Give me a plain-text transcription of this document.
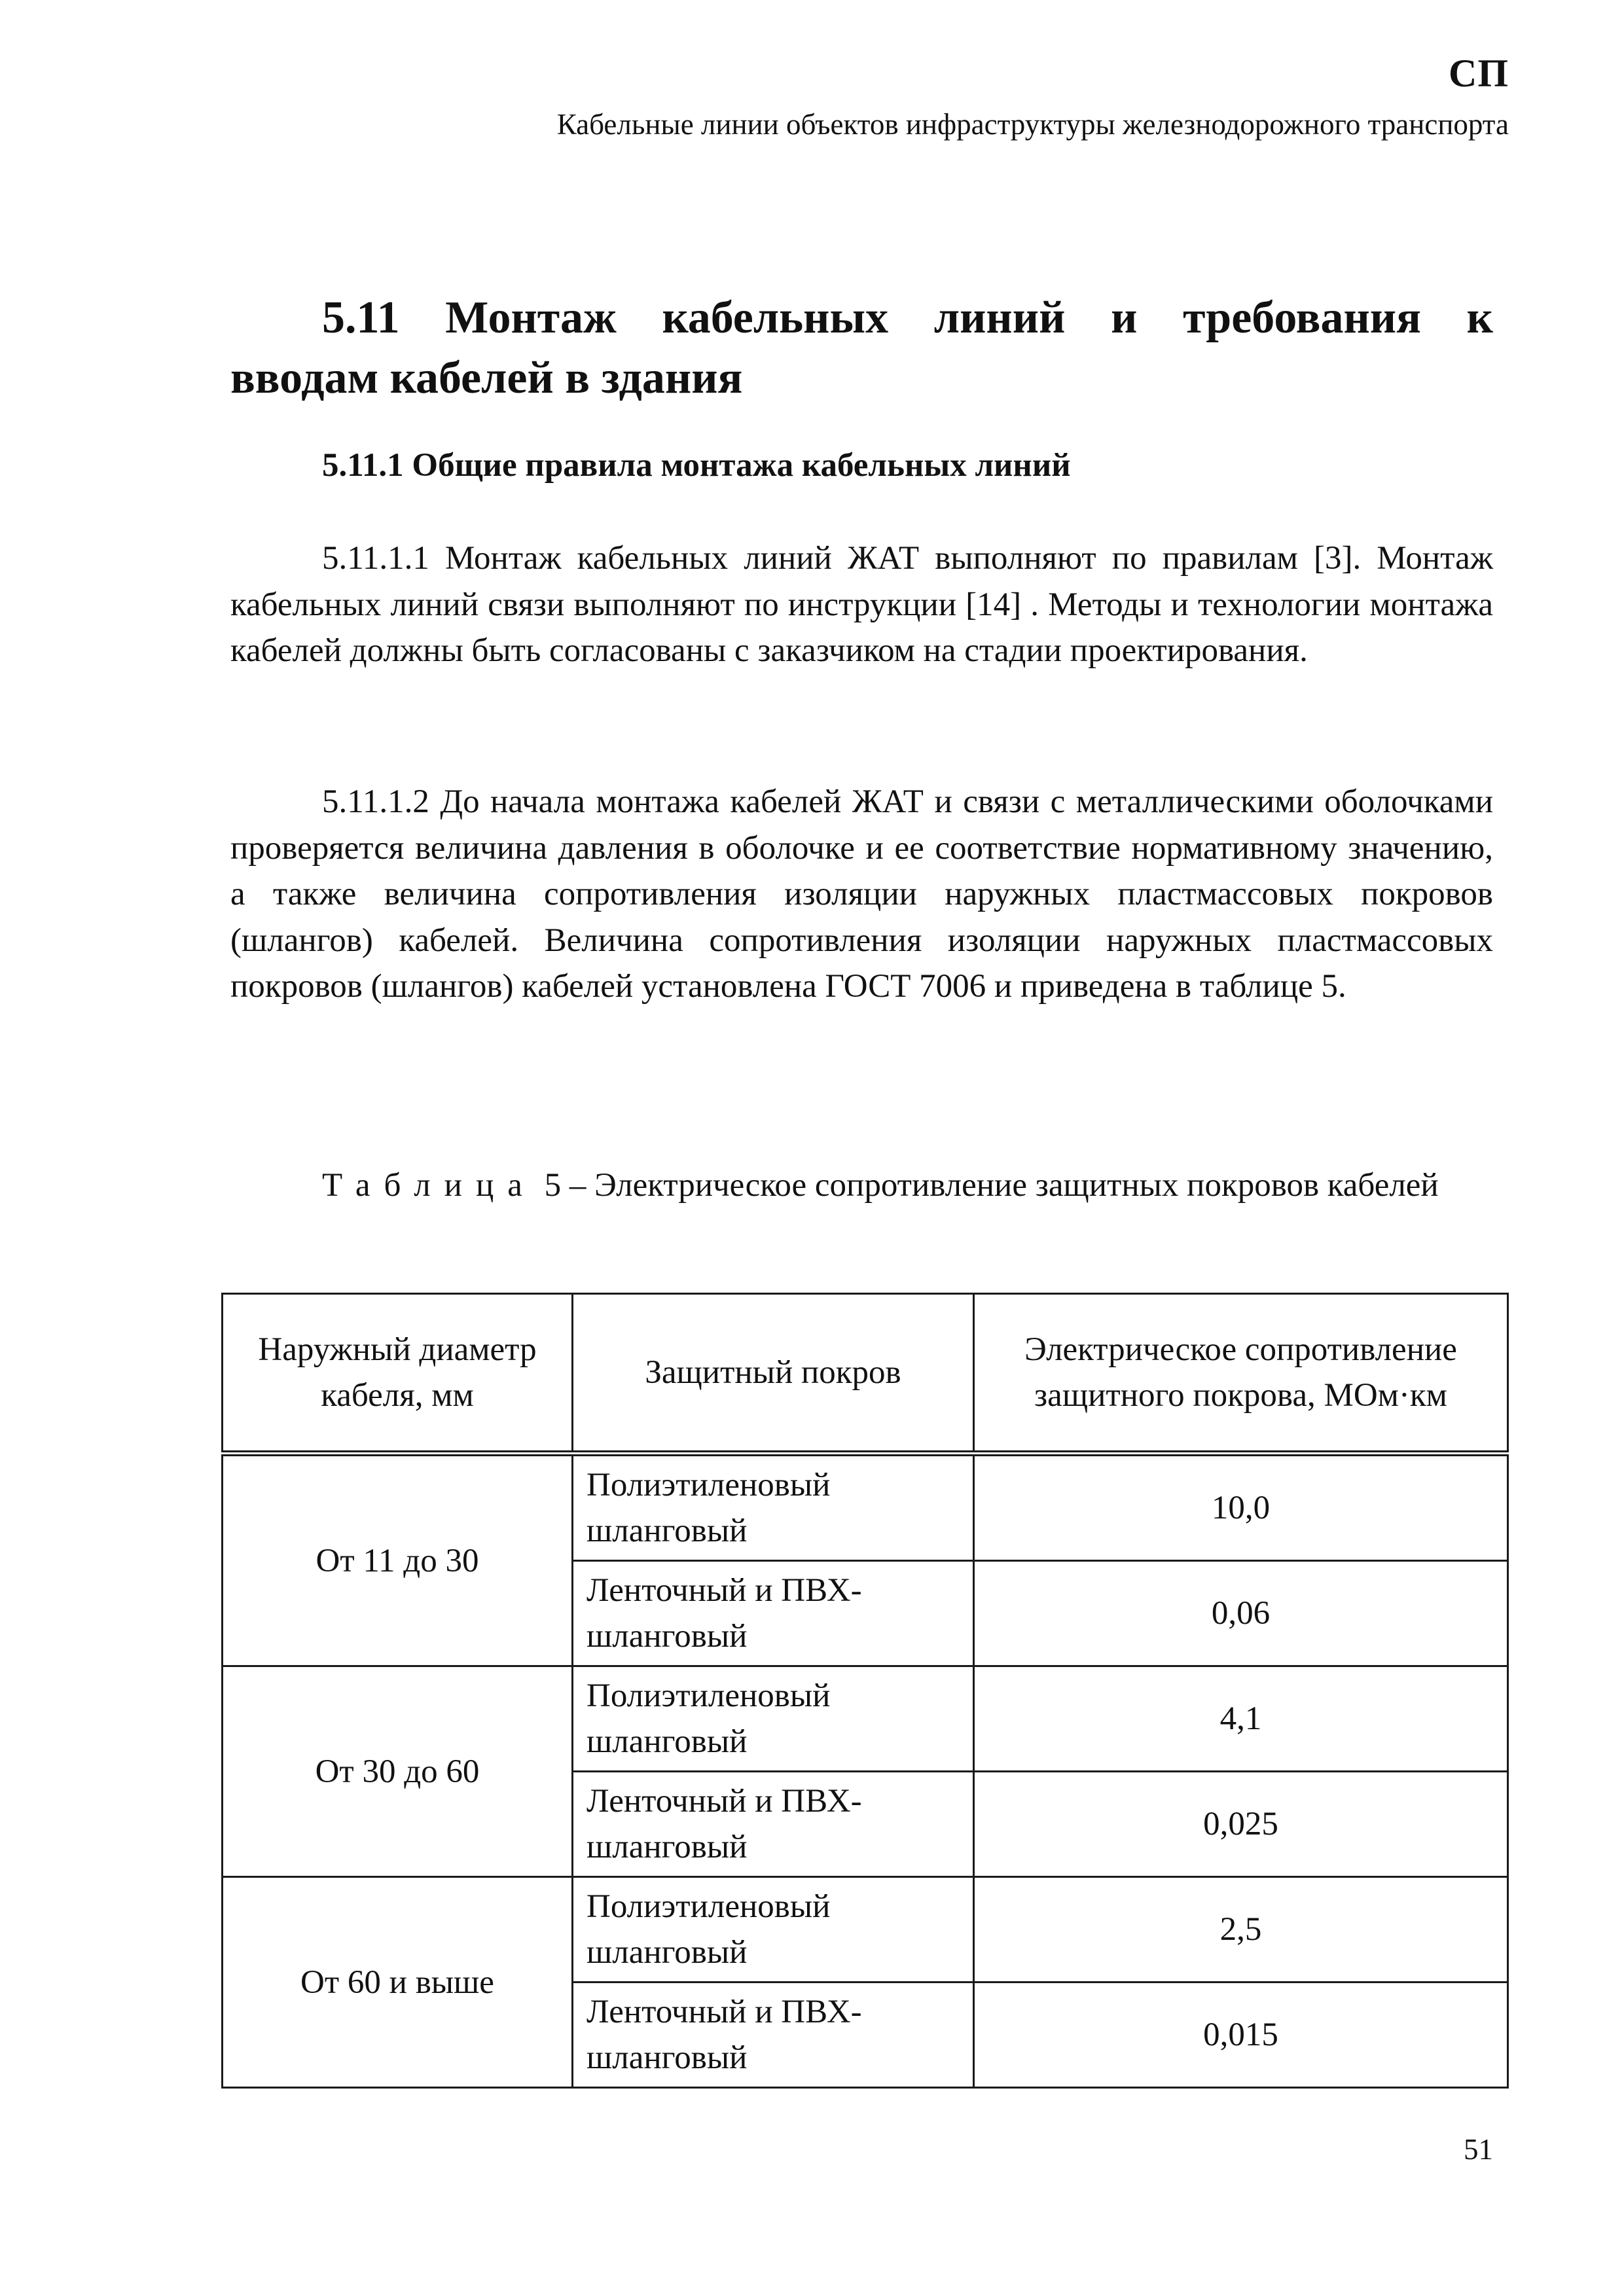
СП
Кабельные линии объектов инфраструктуры железнодорожного транспорта
5.11 Монтаж кабельных линий и требования к
вводам кабелей в здания
5.11.1 Общие правила монтажа кабельных линий

5.11.1.1 Монтаж кабельных линий ЖАТ выполняют по правилам [3]. Монтаж кабельных линий связи выполняют по инструкции [14] . Методы и технологии монтажа кабелей должны быть согласованы с заказчиком на стадии проектирования.

5.11.1.2 До начала монтажа кабелей ЖАТ и связи с металлическими оболочками проверяется величина давления в оболочке и ее соответствие нормативному значению, а также величина сопротивления изоляции наружных пластмассовых покровов (шлангов) кабелей. Величина сопротивления изоляции наружных пластмассовых покровов (шлангов) кабелей установлена ГОСТ 7006 и приведена в таблице 5.

Таблица 5 – Электрическое сопротивление защитных покровов кабелей

Наружный диаметр кабеля, мм	Защитный покров	Электрическое сопротивление защитного покрова, МОм·км
От 11 до 30	Полиэтиленовый шланговый	10,0
	Ленточный и ПВХ-шланговый	0,06
От 30 до 60	Полиэтиленовый шланговый	4,1
	Ленточный и ПВХ-шланговый	0,025
От 60 и выше	Полиэтиленовый шланговый	2,5
	Ленточный и ПВХ-шланговый	0,015
51
